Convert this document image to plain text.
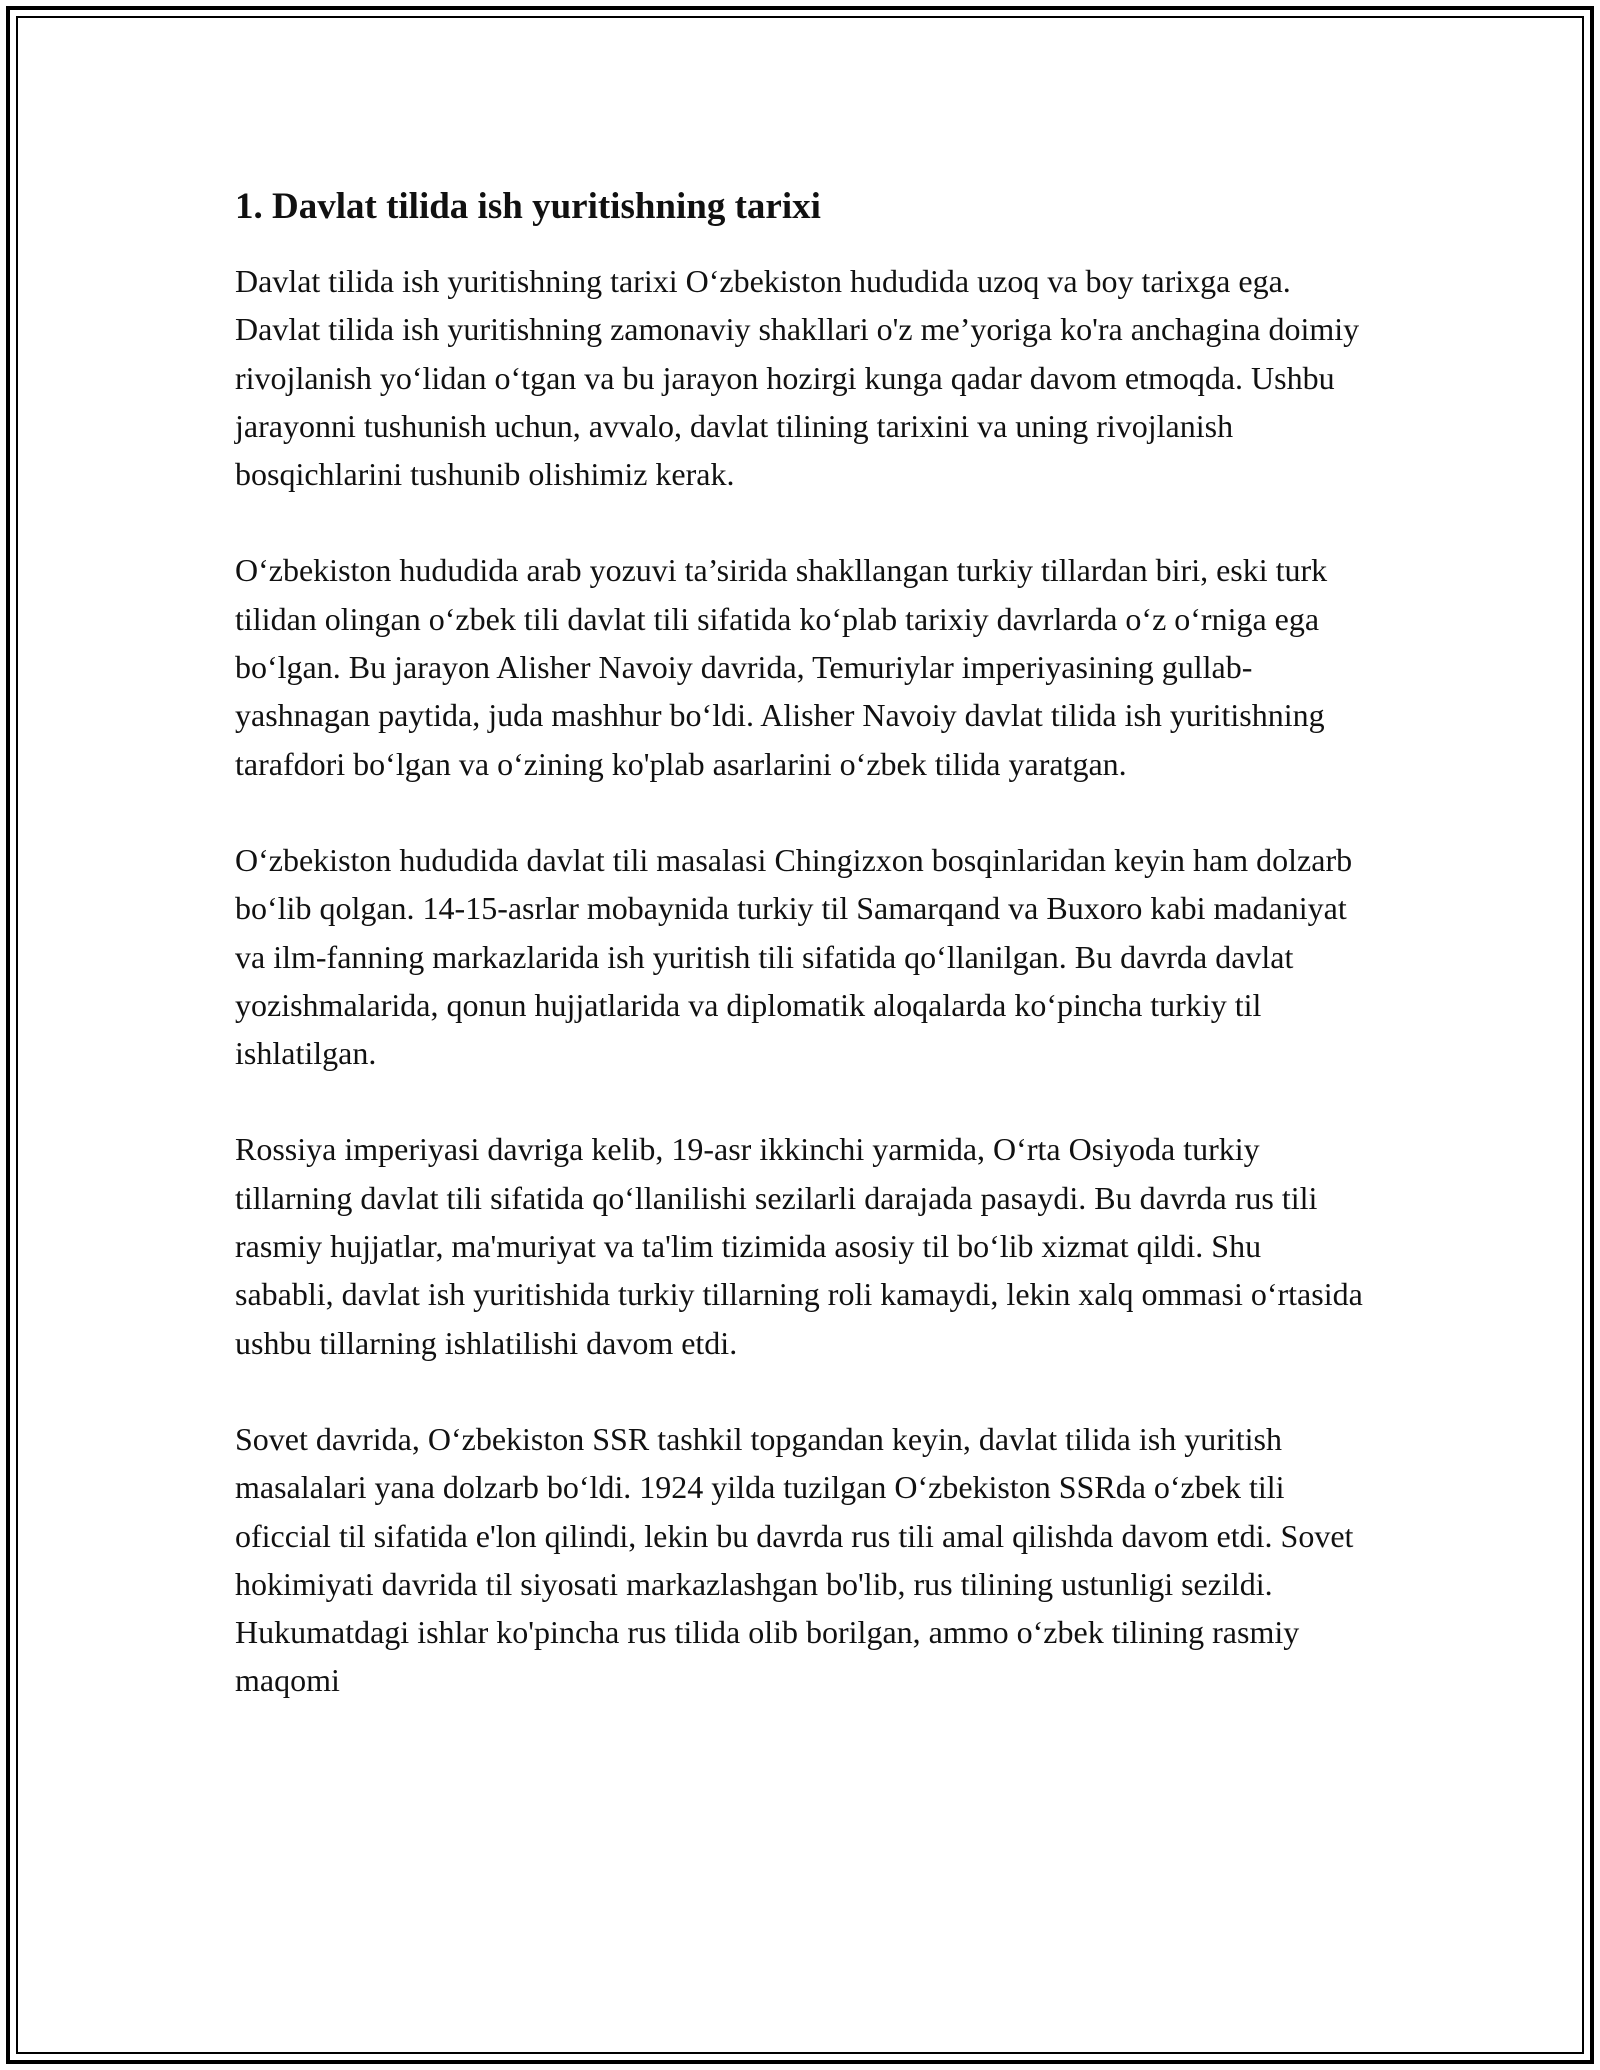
1. Davlat tilida ish yuritishning tarixi

Davlat tilida ish yuritishning tarixi O‘zbekiston hududida uzoq va boy tarixga ega. Davlat tilida ish yuritishning zamonaviy shakllari o'z me’yoriga ko'ra anchagina doimiy rivojlanish yo‘lidan o‘tgan va bu jarayon hozirgi kunga qadar davom etmoqda. Ushbu jarayonni tushunish uchun, avvalo, davlat tilining tarixini va uning rivojlanish bosqichlarini tushunib olishimiz kerak.

O‘zbekiston hududida arab yozuvi ta’sirida shakllangan turkiy tillardan biri, eski turk tilidan olingan o‘zbek tili davlat tili sifatida ko‘plab tarixiy davrlarda o‘z o‘rniga ega bo‘lgan. Bu jarayon Alisher Navoiy davrida, Temuriylar imperiyasining gullab-yashnagan paytida, juda mashhur bo‘ldi. Alisher Navoiy davlat tilida ish yuritishning tarafdori bo‘lgan va o‘zining ko'plab asarlarini o‘zbek tilida yaratgan.

O‘zbekiston hududida davlat tili masalasi Chingizxon bosqinlaridan keyin ham dolzarb bo‘lib qolgan. 14-15-asrlar mobaynida turkiy til Samarqand va Buxoro kabi madaniyat va ilm-fanning markazlarida ish yuritish tili sifatida qo‘llanilgan. Bu davrda davlat yozishmalarida, qonun hujjatlarida va diplomatik aloqalarda ko‘pincha turkiy til ishlatilgan.

Rossiya imperiyasi davriga kelib, 19-asr ikkinchi yarmida, O‘rta Osiyoda turkiy tillarning davlat tili sifatida qo‘llanilishi sezilarli darajada pasaydi. Bu davrda rus tili rasmiy hujjatlar, ma'muriyat va ta'lim tizimida asosiy til bo‘lib xizmat qildi. Shu sababli, davlat ish yuritishida turkiy tillarning roli kamaydi, lekin xalq ommasi o‘rtasida ushbu tillarning ishlatilishi davom etdi.

Sovet davrida, O‘zbekiston SSR tashkil topgandan keyin, davlat tilida ish yuritish masalalari yana dolzarb bo‘ldi. 1924 yilda tuzilgan O‘zbekiston SSRda o‘zbek tili oficcial til sifatida e'lon qilindi, lekin bu davrda rus tili amal qilishda davom etdi. Sovet hokimiyati davrida til siyosati markazlashgan bo'lib, rus tilining ustunligi sezildi. Hukumatdagi ishlar ko'pincha rus tilida olib borilgan, ammo o‘zbek tilining rasmiy maqomi
